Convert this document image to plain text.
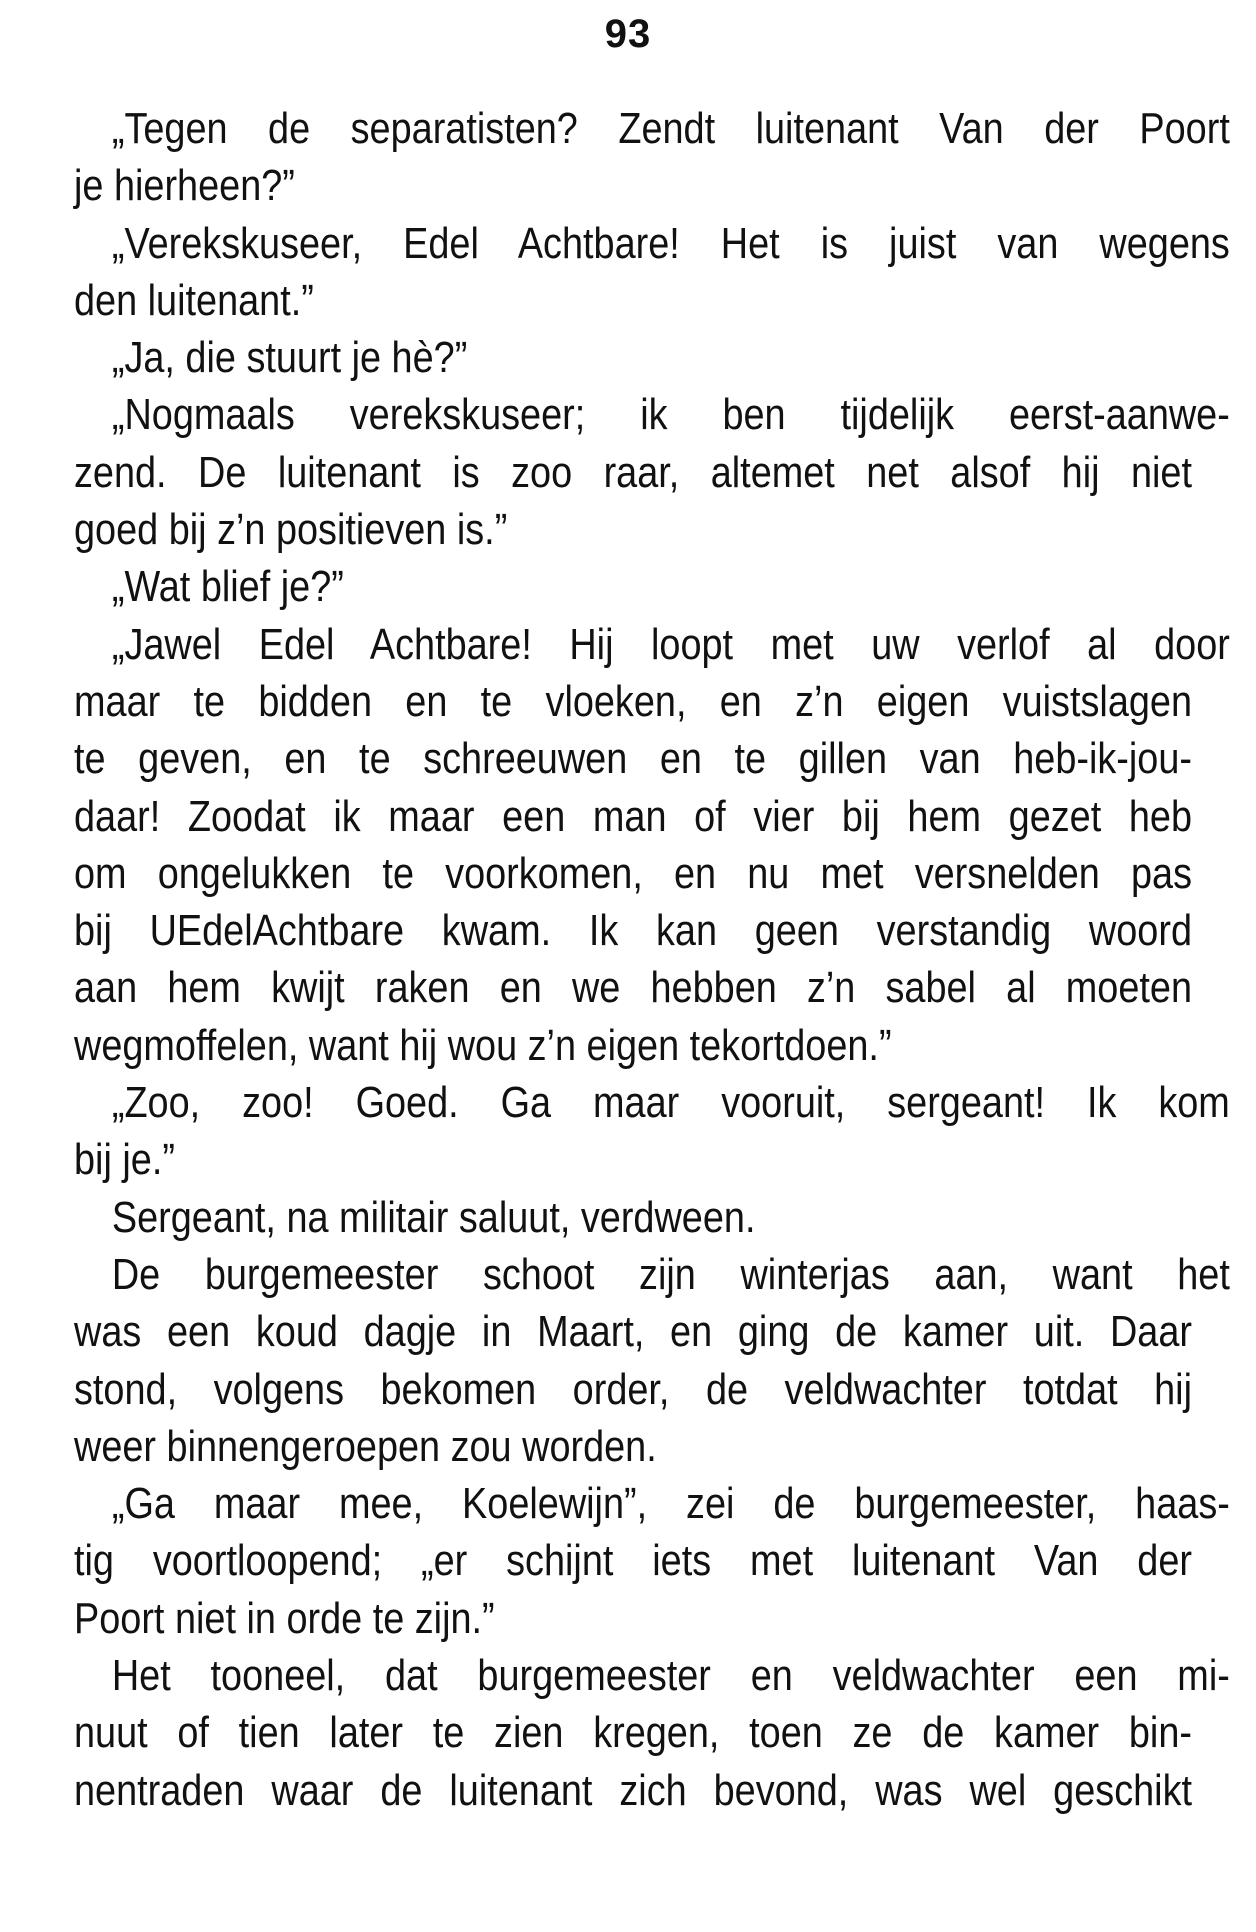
93
„Tegen de separatisten? Zendt luitenant Van der Poort
je hierheen?”
„Verekskuseer, Edel Achtbare! Het is juist van wegens
den luitenant.”
„Ja, die stuurt je hè?”
„Nogmaals verekskuseer; ik ben tijdelijk eerst-aanwe-
zend. De luitenant is zoo raar, altemet net alsof hij niet
goed bij z’n positieven is.”
„Wat blief je?”
„Jawel Edel Achtbare! Hij loopt met uw verlof al door
maar te bidden en te vloeken, en z’n eigen vuistslagen
te geven, en te schreeuwen en te gillen van heb-ik-jou-
daar! Zoodat ik maar een man of vier bij hem gezet heb
om ongelukken te voorkomen, en nu met versnelden pas
bij UEdelAchtbare kwam. Ik kan geen verstandig woord
aan hem kwijt raken en we hebben z’n sabel al moeten
wegmoffelen, want hij wou z’n eigen tekortdoen.”
„Zoo, zoo! Goed. Ga maar vooruit, sergeant! Ik kom
bij je.”
Sergeant, na militair saluut, verdween.
De burgemeester schoot zijn winterjas aan, want het
was een koud dagje in Maart, en ging de kamer uit. Daar
stond, volgens bekomen order, de veldwachter totdat hij
weer binnengeroepen zou worden.
„Ga maar mee, Koelewijn”, zei de burgemeester, haas-
tig voortloopend; „er schijnt iets met luitenant Van der
Poort niet in orde te zijn.”
Het tooneel, dat burgemeester en veldwachter een mi-
nuut of tien later te zien kregen, toen ze de kamer bin-
nentraden waar de luitenant zich bevond, was wel geschikt
